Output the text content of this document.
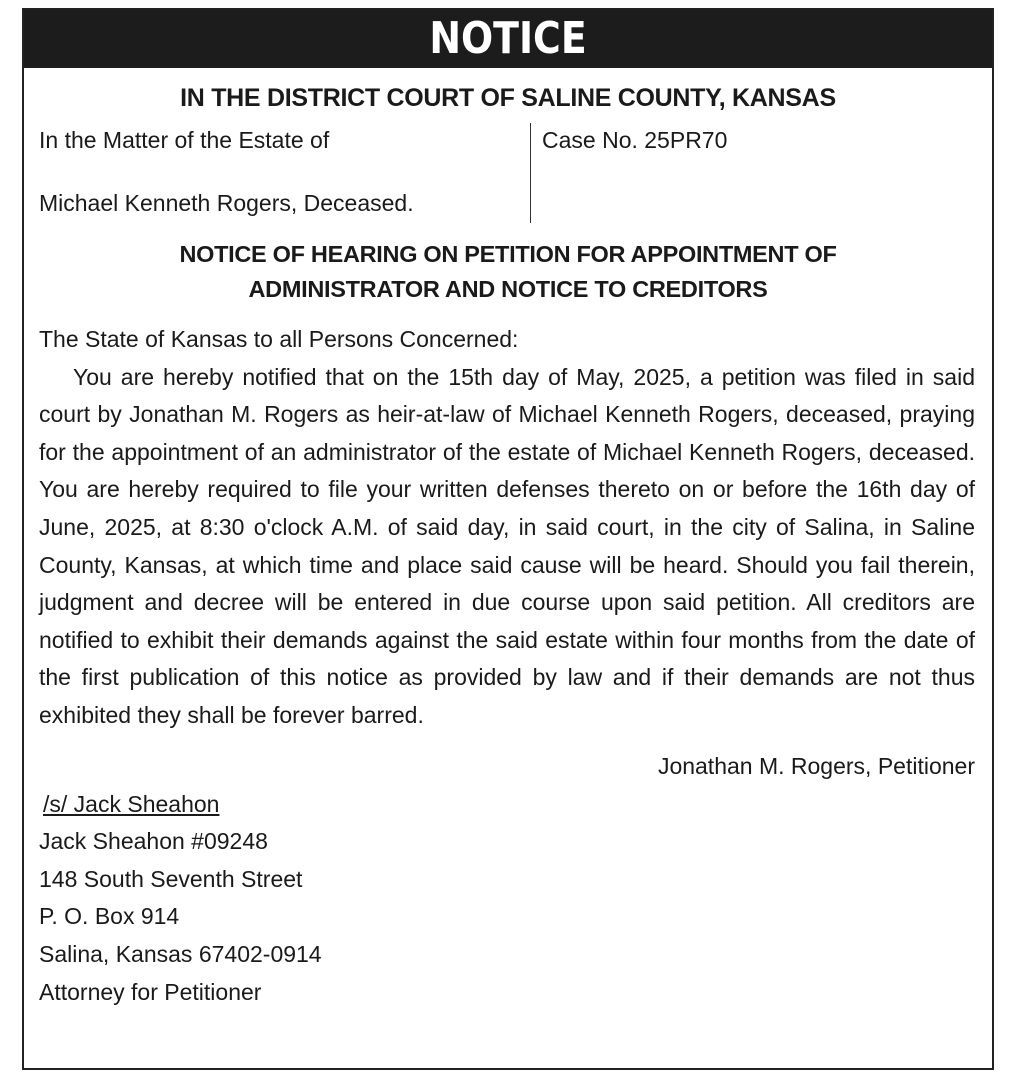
NOTICE
IN THE DISTRICT COURT OF SALINE COUNTY, KANSAS
In the Matter of the Estate of
Michael Kenneth Rogers, Deceased.
Case No. 25PR70
NOTICE OF HEARING ON PETITION FOR APPOINTMENT OF
ADMINISTRATOR AND NOTICE TO CREDITORS

The State of Kansas to all Persons Concerned:

You are hereby notified that on the 15th day of May, 2025, a petition was filed in said court by Jonathan M. Rogers as heir-at-law of Michael Kenneth Rogers, deceased, praying for the appointment of an administrator of the estate of Michael Kenneth Rogers, deceased. You are hereby required to file your written defenses thereto on or before the 16th day of June, 2025, at 8:30 o'clock A.M. of said day, in said court, in the city of Salina, in Saline County, Kansas, at which time and place said cause will be heard. Should you fail therein, judgment and decree will be entered in due course upon said petition. All creditors are notified to exhibit their demands against the said estate within four months from the date of the first publication of this notice as provided by law and if their demands are not thus exhibited they shall be forever barred.

Jonathan M. Rogers, Petitioner
/s/ Jack Sheahon
Jack Sheahon #09248
148 South Seventh Street
P. O. Box 914
Salina, Kansas 67402-0914
Attorney for Petitioner
